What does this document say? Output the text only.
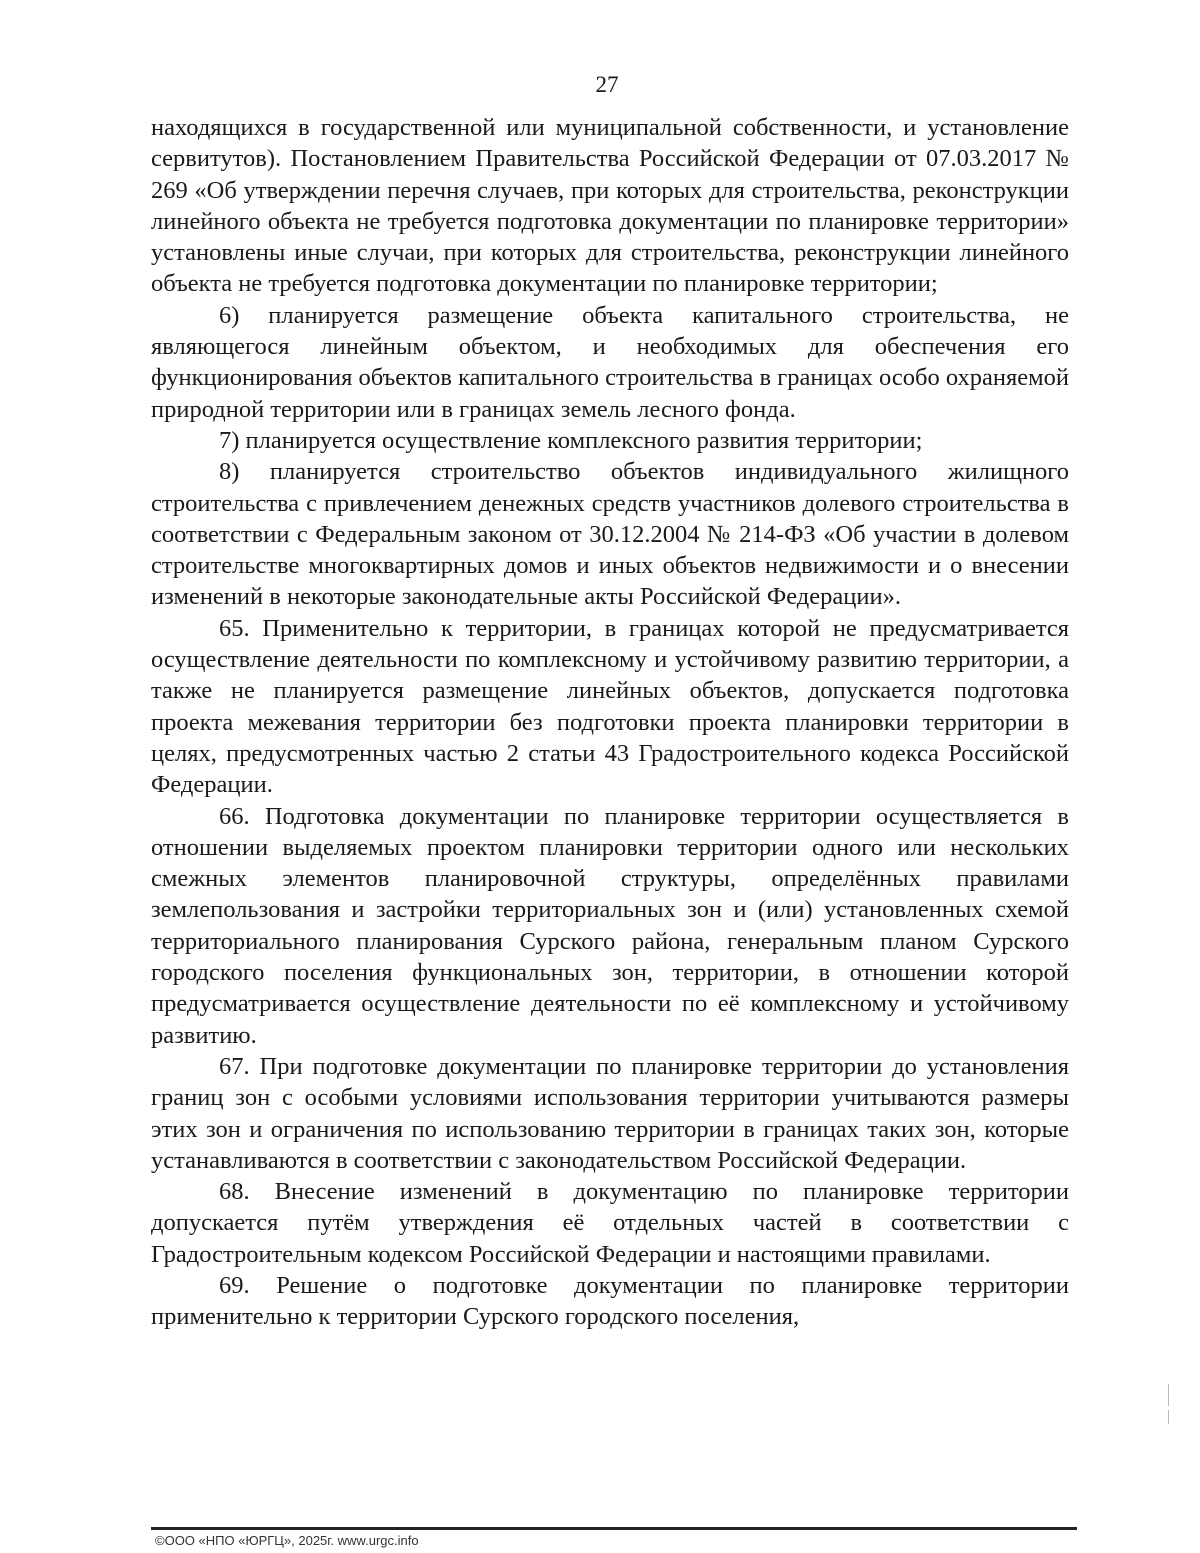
27

находящихся в государственной или муниципальной собственности, и установление сервитутов). Постановлением Правительства Российской Федерации от 07.03.2017 № 269 «Об утверждении перечня случаев, при которых для строительства, реконструкции линейного объекта не требуется подготовка документации по планировке территории» установлены иные случаи, при которых для строительства, реконструкции линейного объекта не требуется подготовка документации по планировке территории;

6) планируется размещение объекта капитального строительства, не являющегося линейным объектом, и необходимых для обеспечения его функционирования объектов капитального строительства в границах особо охраняемой природной территории или в границах земель лесного фонда.

7) планируется осуществление комплексного развития территории;

8) планируется строительство объектов индивидуального жилищного строительства с привлечением денежных средств участников долевого строительства в соответствии с Федеральным законом от 30.12.2004 № 214-ФЗ «Об участии в долевом строительстве многоквартирных домов и иных объектов недвижимости и о внесении изменений в некоторые законодательные акты Российской Федерации».

65. Применительно к территории, в границах которой не предусматривается осуществление деятельности по комплексному и устойчивому развитию территории, а также не планируется размещение линейных объектов, допускается подготовка проекта межевания территории без подготовки проекта планировки территории в целях, предусмотренных частью 2 статьи 43 Градостроительного кодекса Российской Федерации.

66. Подготовка документации по планировке территории осуществляется в отношении выделяемых проектом планировки территории одного или нескольких смежных элементов планировочной структуры, определённых правилами землепользования и застройки территориальных зон и (или) установленных схемой территориального планирования Сурского района, генеральным планом Сурского городского поселения функциональных зон, территории, в отношении которой предусматривается осуществление деятельности по её комплексному и устойчивому развитию.

67. При подготовке документации по планировке территории до установления границ зон с особыми условиями использования территории учитываются размеры этих зон и ограничения по использованию территории в границах таких зон, которые устанавливаются в соответствии с законодательством Российской Федерации.

68. Внесение изменений в документацию по планировке территории допускается путём утверждения её отдельных частей в соответствии с Градостроительным кодексом Российской Федерации и настоящими правилами.

69. Решение о подготовке документации по планировке территории применительно к территории Сурского городского поселения,

©ООО «НПО «ЮРГЦ», 2025г. www.urgc.info
